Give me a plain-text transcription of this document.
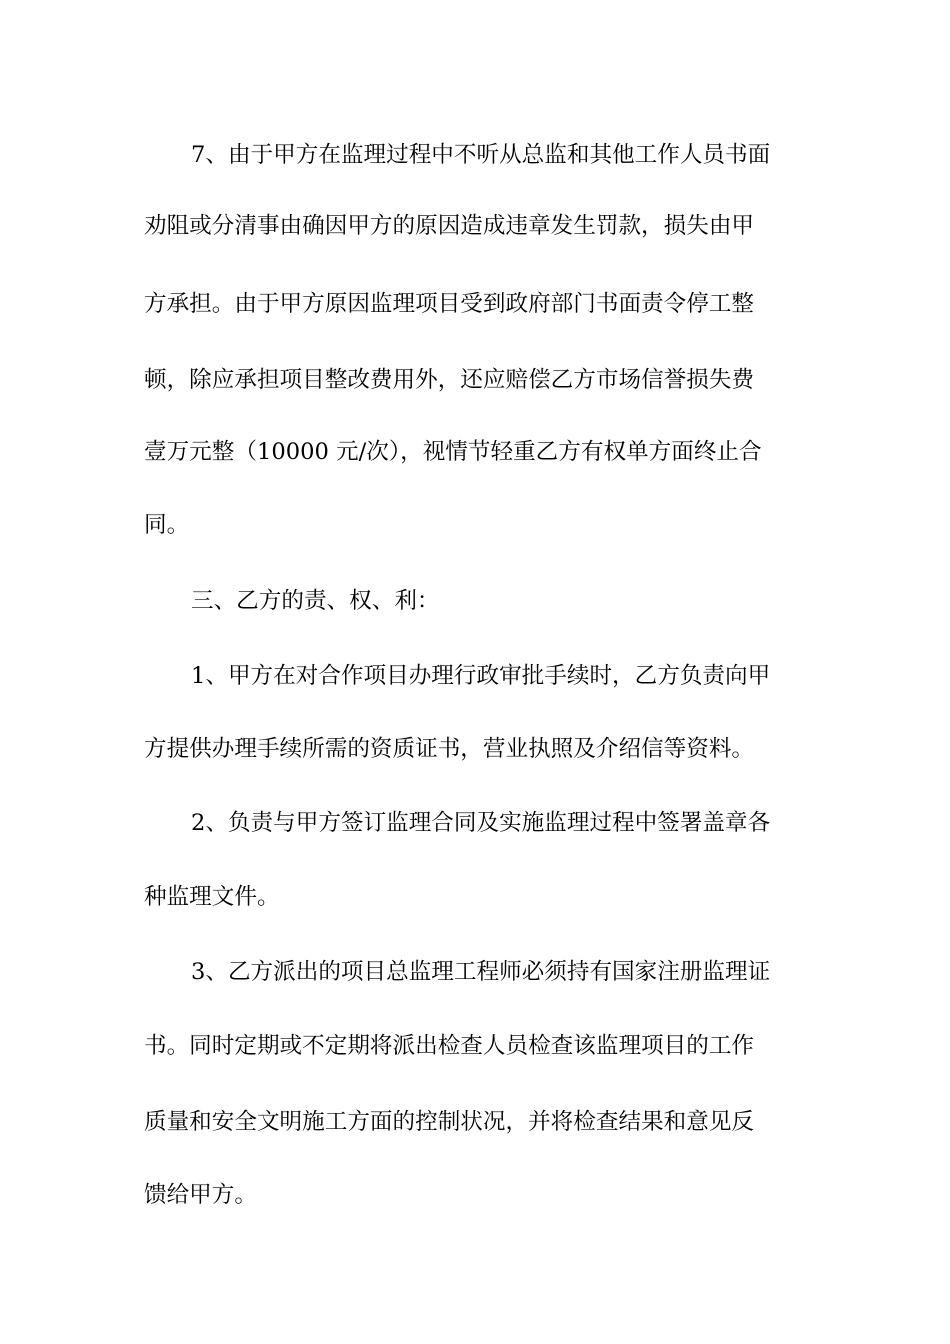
7、由于甲方在监理过程中不听从总监和其他工作人员书面
劝阻或分清事由确因甲方的原因造成违章发生罚款，损失由甲
方承担。由于甲方原因监理项目受到政府部门书面责令停工整
顿，除应承担项目整改费用外，还应赔偿乙方市场信誉损失费
壹万元整（10000 元/次），视情节轻重乙方有权单方面终止合
同。
三、乙方的责、权、利：
1、甲方在对合作项目办理行政审批手续时，乙方负责向甲
方提供办理手续所需的资质证书，营业执照及介绍信等资料。
2、负责与甲方签订监理合同及实施监理过程中签署盖章各
种监理文件。
3、乙方派出的项目总监理工程师必须持有国家注册监理证
书。同时定期或不定期将派出检查人员检查该监理项目的工作
质量和安全文明施工方面的控制状况，并将检查结果和意见反
馈给甲方。
